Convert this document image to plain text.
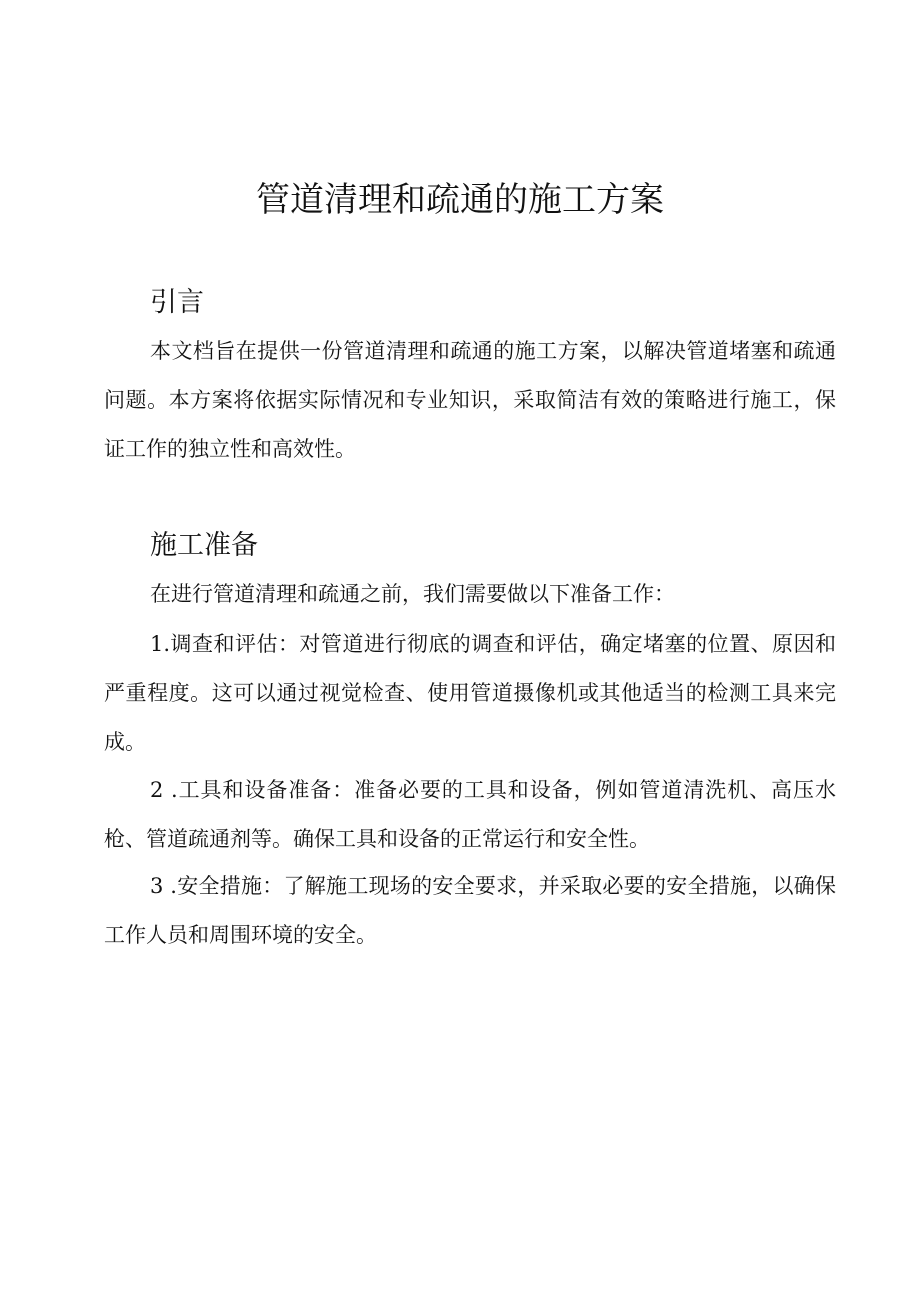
管道清理和疏通的施工方案
引言

本文档旨在提供一份管道清理和疏通的施工方案，以解决管道堵塞和疏通问题。本方案将依据实际情况和专业知识，采取简洁有效的策略进行施工，保证工作的独立性和高效性。

施工准备

在进行管道清理和疏通之前，我们需要做以下准备工作：

1.调查和评估：对管道进行彻底的调查和评估，确定堵塞的位置、原因和严重程度。这可以通过视觉检查、使用管道摄像机或其他适当的检测工具来完成。

2 .工具和设备准备：准备必要的工具和设备，例如管道清洗机、高压水枪、管道疏通剂等。确保工具和设备的正常运行和安全性。

3 .安全措施：了解施工现场的安全要求，并采取必要的安全措施，以确保工作人员和周围环境的安全。
